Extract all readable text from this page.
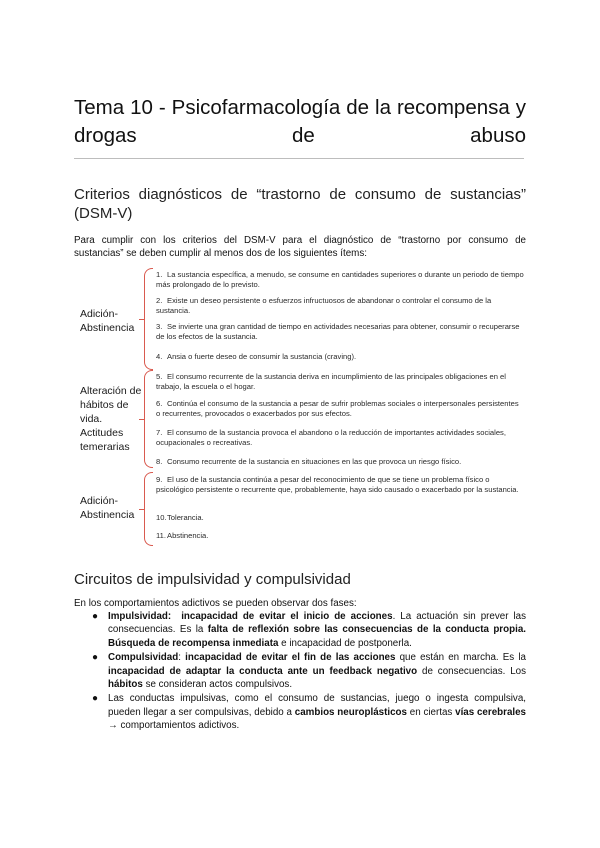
Tema 10 - Psicofarmacología de la recompensa y
drogas de abuso
Criterios diagnósticos de “trastorno de consumo de sustancias”
(DSM-V)
Para cumplir con los criterios del DSM-V para el diagnóstico de “trastorno por consumo de
sustancias” se deben cumplir al menos dos de los siguientes ítems:
Adición-Abstinencia
Alteración de hábitos de vida. Actitudes temerarias
Adición-Abstinencia
1. La sustancia específica, a menudo, se consume en cantidades superiores o durante un periodo de tiempo más prolongado de lo previsto.
2. Existe un deseo persistente o esfuerzos infructuosos de abandonar o controlar el consumo de la sustancia.
3. Se invierte una gran cantidad de tiempo en actividades necesarias para obtener, consumir o recuperarse de los efectos de la sustancia.
4. Ansia o fuerte deseo de consumir la sustancia (craving).
5. El consumo recurrente de la sustancia deriva en incumplimiento de las principales obligaciones en el trabajo, la escuela o el hogar.
6. Continúa el consumo de la sustancia a pesar de sufrir problemas sociales o interpersonales persistentes o recurrentes, provocados o exacerbados por sus efectos.
7. El consumo de la sustancia provoca el abandono o la reducción de importantes actividades sociales, ocupacionales o recreativas.
8. Consumo recurrente de la sustancia en situaciones en las que provoca un riesgo físico.
9. El uso de la sustancia continúa a pesar del reconocimiento de que se tiene un problema físico o psicológico persistente o recurrente que, probablemente, haya sido causado o exacerbado por la sustancia.
10.Tolerancia.
11.Abstinencia.
Circuitos de impulsividad y compulsividad
En los comportamientos adictivos se pueden observar dos fases:
● Impulsividad: incapacidad de evitar el inicio de acciones. La actuación sin prever las consecuencias. Es la falta de reflexión sobre las consecuencias de la conducta propia. Búsqueda de recompensa inmediata e incapacidad de postponerla.
● Compulsividad: incapacidad de evitar el fin de las acciones que están en marcha. Es la incapacidad de adaptar la conducta ante un feedback negativo de consecuencias. Los hábitos se consideran actos compulsivos.
● Las conductas impulsivas, como el consumo de sustancias, juego o ingesta compulsiva, pueden llegar a ser compulsivas, debido a cambios neuroplásticos en ciertas vías cerebrales → comportamientos adictivos.
